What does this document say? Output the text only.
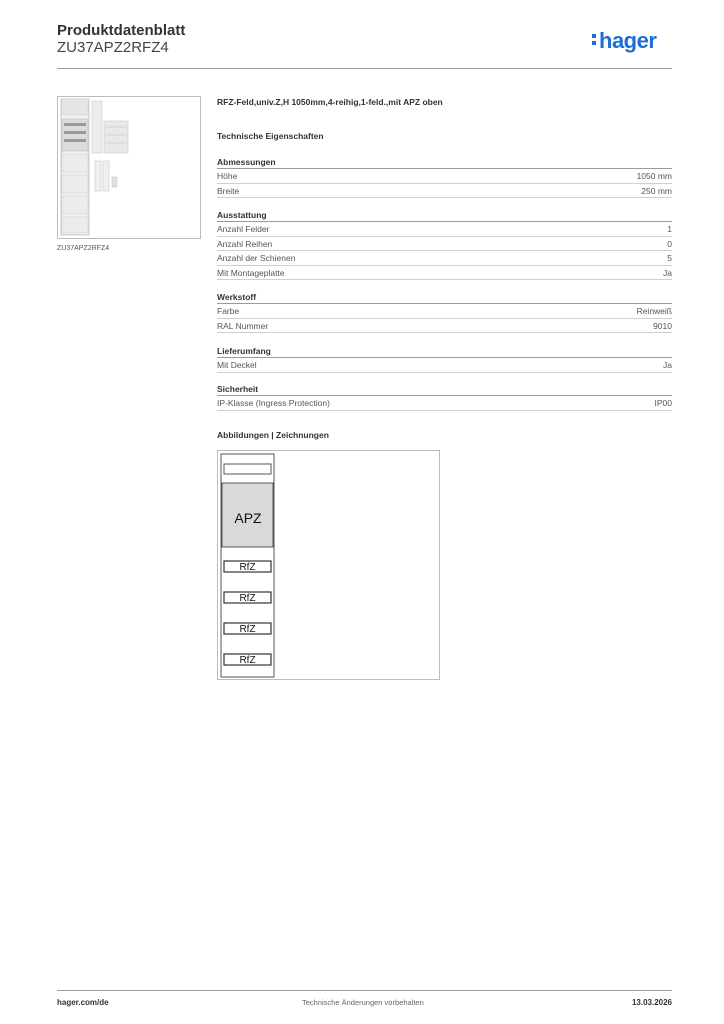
Produktdatenblatt
ZU37APZ2RFZ4	hager
ZU37APZ2RFZ4
RFZ-Feld,univ.Z,H 1050mm,4-reihig,1-feld.,mit APZ oben
Technische Eigenschaften
Abmessungen
Höhe	1050 mm
Breite	250 mm
Ausstattung
Anzahl Felder	1
Anzahl Reihen	0
Anzahl der Schienen	5
Mit Montageplatte	Ja
Werkstoff
Farbe	Reinweiß
RAL Nummer	9010
Lieferumfang
Mit Deckel	Ja
Sicherheit
IP-Klasse (Ingress Protection)	IP00
Abbildungen | Zeichnungen
APZ
RfZ
RfZ
RfZ
RfZ
hager.com/de	Technische Änderungen vorbehalten	13.03.2026
